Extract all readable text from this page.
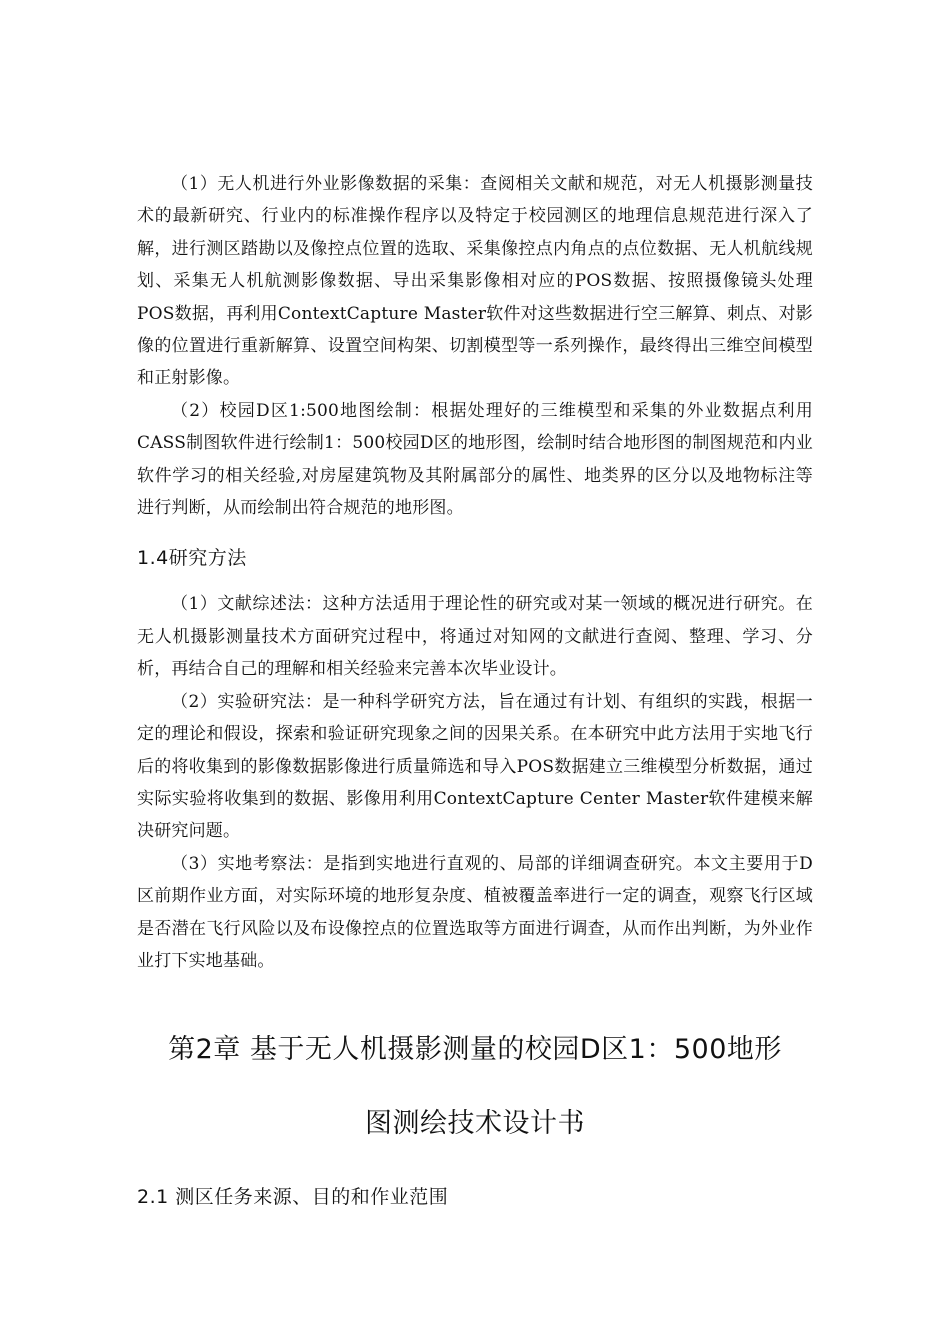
（1）无人机进行外业影像数据的采集：查阅相关文献和规范，对无人机摄影测量技术的最新研究、行业内的标准操作程序以及特定于校园测区的地理信息规范进行深入了解，进行测区踏勘以及像控点位置的选取、采集像控点内角点的点位数据、无人机航线规划、采集无人机航测影像数据、导出采集影像相对应的POS数据、按照摄像镜头处理POS数据，再利用ContextCapture Master软件对这些数据进行空三解算、刺点、对影像的位置进行重新解算、设置空间构架、切割模型等一系列操作，最终得出三维空间模型和正射影像。

（2）校园D区1:500地图绘制：根据处理好的三维模型和采集的外业数据点利用CASS制图软件进行绘制1：500校园D区的地形图，绘制时结合地形图的制图规范和内业软件学习的相关经验,对房屋建筑物及其附属部分的属性、地类界的区分以及地物标注等进行判断，从而绘制出符合规范的地形图。

1.4研究方法

（1）文献综述法：这种方法适用于理论性的研究或对某一领域的概况进行研究。在无人机摄影测量技术方面研究过程中，将通过对知网的文献进行查阅、整理、学习、分析，再结合自己的理解和相关经验来完善本次毕业设计。

（2）实验研究法：是一种科学研究方法，旨在通过有计划、有组织的实践，根据一定的理论和假设，探索和验证研究现象之间的因果关系。在本研究中此方法用于实地飞行后的将收集到的影像数据影像进行质量筛选和导入POS数据建立三维模型分析数据，通过实际实验将收集到的数据、影像用利用ContextCapture Center Master软件建模来解决研究问题。

（3）实地考察法：是指到实地进行直观的、局部的详细调查研究。本文主要用于D区前期作业方面，对实际环境的地形复杂度、植被覆盖率进行一定的调查，观察飞行区域是否潜在飞行风险以及布设像控点的位置选取等方面进行调查，从而作出判断，为外业作业打下实地基础。

第2章 基于无人机摄影测量的校园D区1：500地形
图测绘技术设计书
2.1 测区任务来源、目的和作业范围
